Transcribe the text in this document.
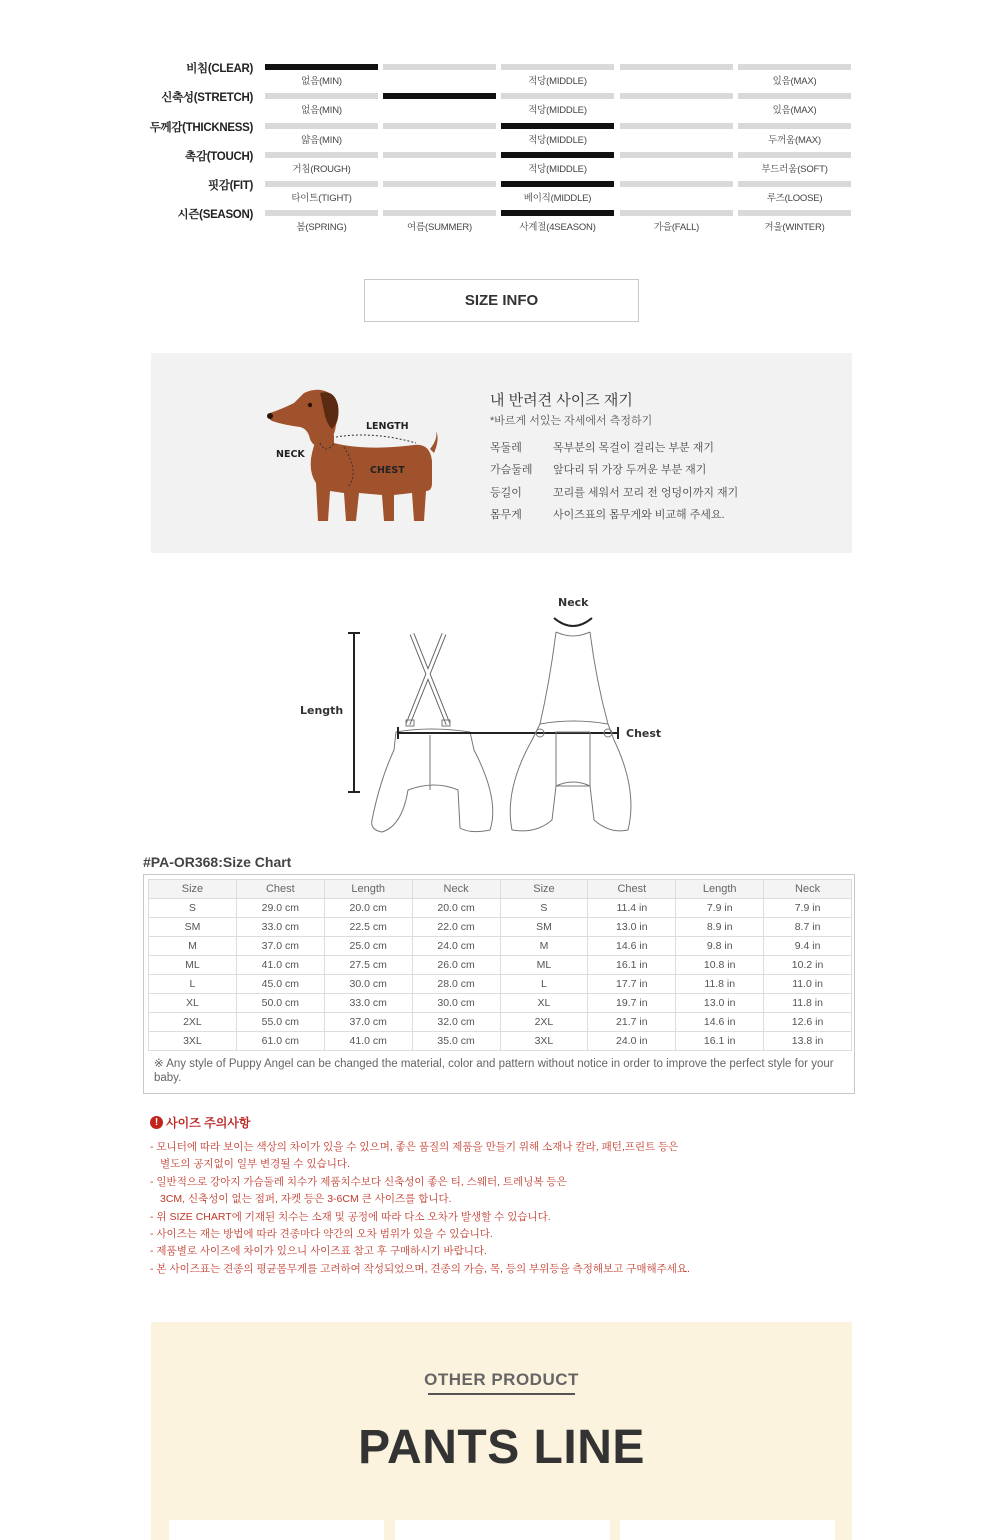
비침(CLEAR)
없음(MIN)	적당(MIDDLE)	있음(MAX)
신축성(STRETCH)
없음(MIN)	적당(MIDDLE)	있음(MAX)
두께감(THICKNESS)
얇음(MIN)	적당(MIDDLE)	두꺼움(MAX)
촉감(TOUCH)
거침(ROUGH)	적당(MIDDLE)	부드러움(SOFT)
핏감(FIT)
타이트(TIGHT)	베이직(MIDDLE)	루즈(LOOSE)
시즌(SEASON)
봄(SPRING)	여름(SUMMER)	사계절(4SEASON)	가을(FALL)	겨울(WINTER)
SIZE INFO
LENGTH
NECK
CHEST
내 반려견 사이즈 재기
*바르게 서있는 자세에서 측정하기
목둘레	목부분의 목걸이 걸리는 부분 재기
가슴둘레 앞다리 뒤 가장 두꺼운 부분 재기
등길이	꼬리를 세워서 꼬리 전 엉덩이까지 재기
몸무게	사이즈표의 몸무게와 비교해 주세요.
Length
Chest
Neck
#PA-OR368:Size Chart
Size	Chest	Length	Neck	Size	Chest	Length	Neck
S	29.0 cm	20.0 cm	20.0 cm	S	11.4 in	7.9 in	7.9 in
SM	33.0 cm	22.5 cm	22.0 cm	SM	13.0 in	8.9 in	8.7 in
M	37.0 cm	25.0 cm	24.0 cm	M	14.6 in	9.8 in	9.4 in
ML	41.0 cm	27.5 cm	26.0 cm	ML	16.1 in	10.8 in	10.2 in
L	45.0 cm	30.0 cm	28.0 cm	L	17.7 in	11.8 in	11.0 in
XL	50.0 cm	33.0 cm	30.0 cm	XL	19.7 in	13.0 in	11.8 in
2XL	55.0 cm	37.0 cm	32.0 cm	2XL	21.7 in	14.6 in	12.6 in
3XL	61.0 cm	41.0 cm	35.0 cm	3XL	24.0 in	16.1 in	13.8 in
※ Any style of Puppy Angel can be changed the material, color and pattern without notice in order to improve the perfect style for your baby.
! 사이즈 주의사항
- 모니터에 따라 보이는 색상의 차이가 있을 수 있으며, 좋은 품질의 제품을 만들기 위해 소재나 칼라, 패턴,프린트 등은
별도의 공지없이 일부 변경될 수 있습니다.
- 일반적으로 강아지 가슴둘레 치수가 제품치수보다 신축성이 좋은 티, 스웨터, 트레닝복 등은
3CM, 신축성이 없는 점퍼, 자켓 등은 3-6CM 큰 사이즈를 합니다.
- 위 SIZE CHART에 기재된 치수는 소재 및 공정에 따라 다소 오차가 발생할 수 있습니다.
- 사이즈는 재는 방법에 따라 견종마다 약간의 오차 범위가 있을 수 있습니다.
- 제품별로 사이즈에 차이가 있으니 사이즈표 참고 후 구매하시기 바랍니다.
- 본 사이즈표는 견종의 평균몸무게를 고려하여 작성되었으며, 견종의 가슴, 목, 등의 부위등을 측정해보고 구매해주세요.
OTHER PRODUCT
PANTS LINE
